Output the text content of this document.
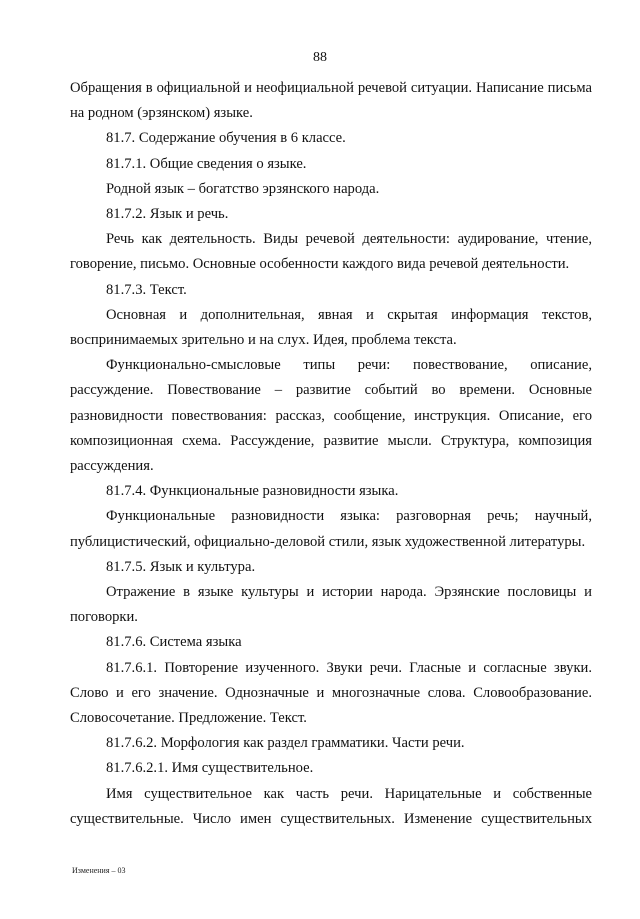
88

Обращения в официальной и неофициальной речевой ситуации. Написание письма на родном (эрзянском) языке.

81.7. Содержание обучения в 6 классе.

81.7.1. Общие сведения о языке.

Родной язык – богатство эрзянского народа.

81.7.2. Язык и речь.

Речь как деятельность. Виды речевой деятельности: аудирование, чтение, говорение, письмо. Основные особенности каждого вида речевой деятельности.

81.7.3. Текст.

Основная и дополнительная, явная и скрытая информация текстов, воспринимаемых зрительно и на слух. Идея, проблема текста.

Функционально-смысловые типы речи: повествование, описание, рассуждение. Повествование – развитие событий во времени. Основные разновидности повествования: рассказ, сообщение, инструкция. Описание, его композиционная схема. Рассуждение, развитие мысли. Структура, композиция рассуждения.

81.7.4. Функциональные разновидности языка.

Функциональные разновидности языка: разговорная речь; научный, публицистический, официально-деловой стили, язык художественной литературы.

81.7.5. Язык и культура.

Отражение в языке культуры и истории народа. Эрзянские пословицы и поговорки.

81.7.6. Система языка

81.7.6.1. Повторение изученного. Звуки речи. Гласные и согласные звуки. Слово и его значение. Однозначные и многозначные слова. Словообразование. Словосочетание. Предложение. Текст.

81.7.6.2. Морфология как раздел грамматики. Части речи.

81.7.6.2.1. Имя существительное.

Имя существительное как часть речи. Нарицательные и собственные существительные. Число имен существительных. Изменение существительных

Изменения – 03
